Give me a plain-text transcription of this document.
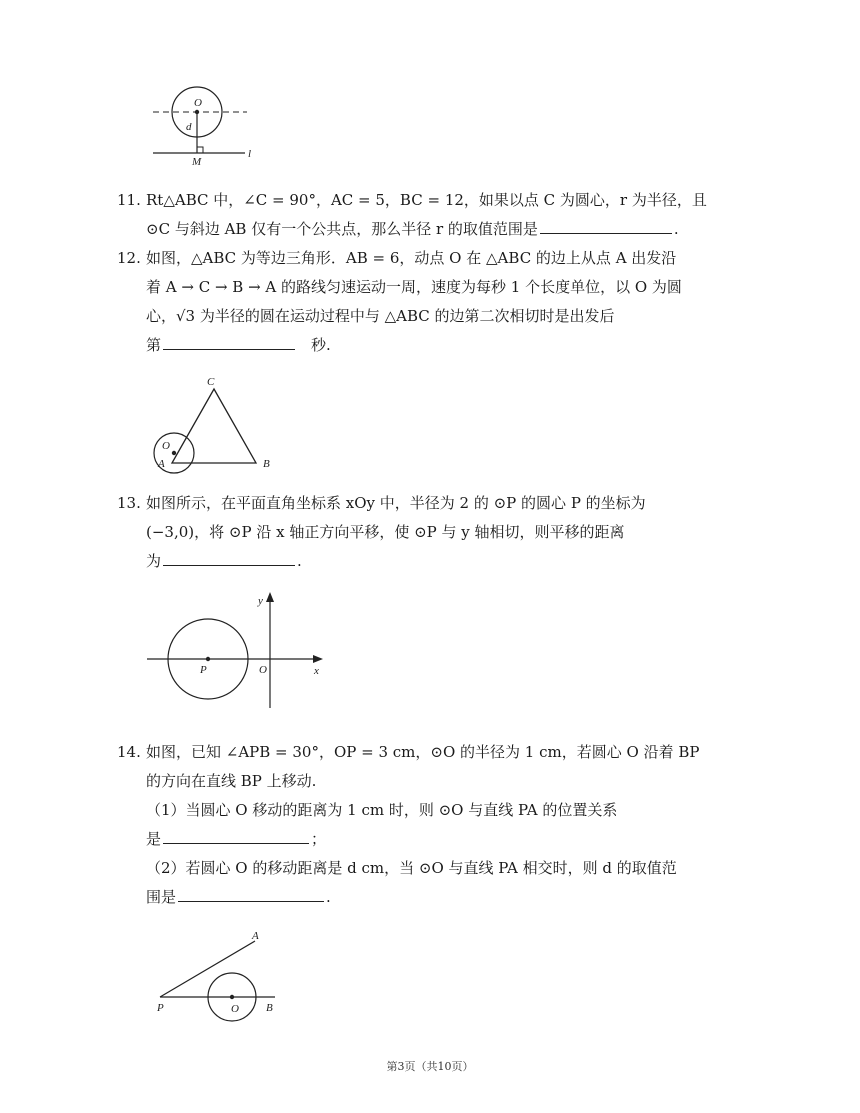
O
d
M
l

11. Rt△ABC 中，∠C = 90°，AC = 5，BC = 12，如果以点 C 为圆心，r 为半径，且

⊙C 与斜边 AB 仅有一个公共点，那么半径 r 的取值范围是	.

12. 如图，△ABC 为等边三角形．AB = 6，动点 O 在 △ABC 的边上从点 A 出发沿

着 A → C → B → A 的路线匀速运动一周，速度为每秒 1 个长度单位，以 O 为圆

心，√3 为半径的圆在运动过程中与 △ABC 的边第二次相切时是出发后

第	秒.

C
O
A	B

13. 如图所示，在平面直角坐标系 xOy 中，半径为 2 的 ⊙P 的圆心 P 的坐标为

(−3,0)，将 ⊙P 沿 x 轴正方向平移，使 ⊙P 与 y 轴相切，则平移的距离

为	.

y
P	O	x

14. 如图，已知 ∠APB = 30°，OP = 3 cm，⊙O 的半径为 1 cm，若圆心 O 沿着 BP

的方向在直线 BP 上移动.

（1）当圆心 O 移动的距离为 1 cm 时，则 ⊙O 与直线 PA 的位置关系

是	；

（2）若圆心 O 的移动距离是 d cm，当 ⊙O 与直线 PA 相交时，则 d 的取值范

围是	.

A
P	O B
第3页（共10页）
